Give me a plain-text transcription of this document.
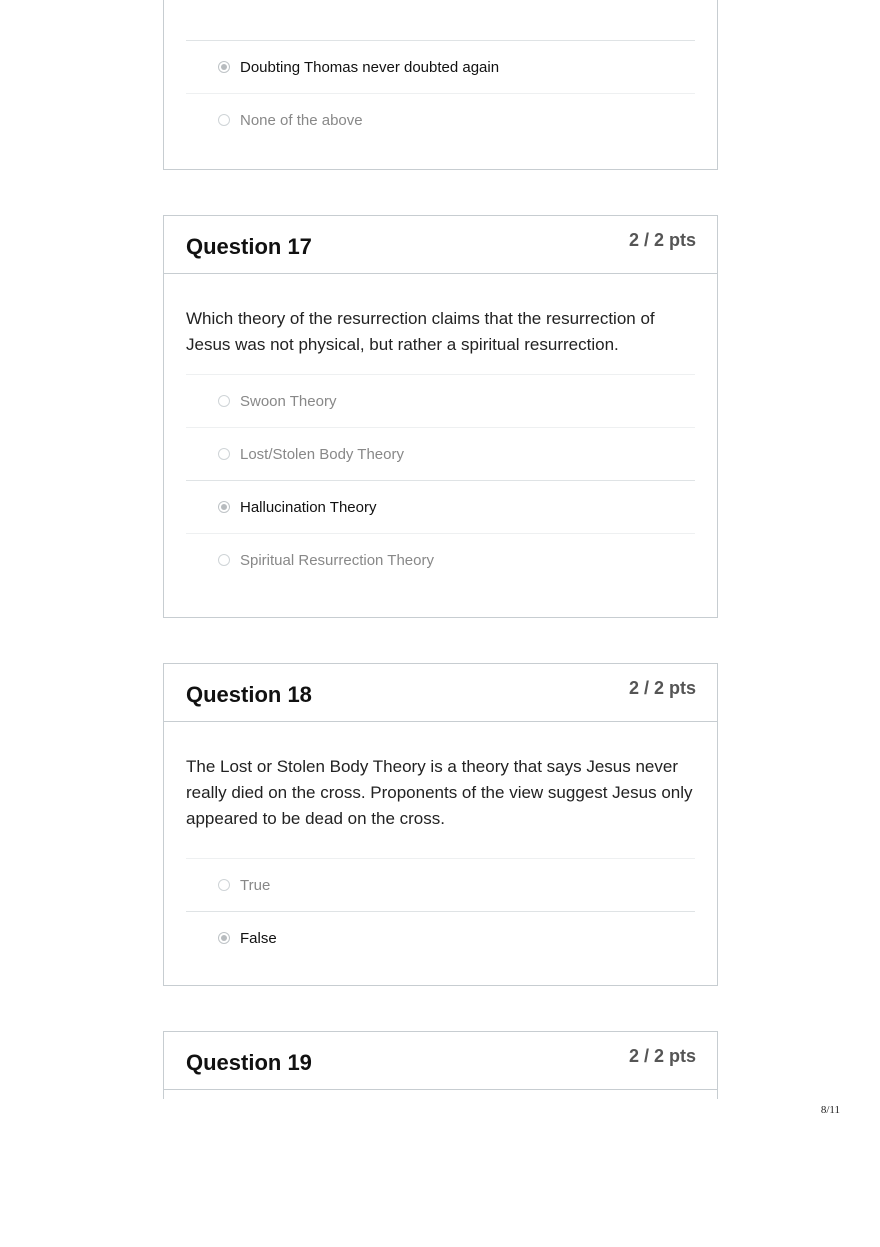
Doubting Thomas never doubted again
None of the above
Question 17	2 / 2 pts
Which theory of the resurrection claims that the resurrection of Jesus was not physical, but rather a spiritual resurrection.
Swoon Theory
Lost/Stolen Body Theory
Hallucination Theory
Spiritual Resurrection Theory
Question 18	2 / 2 pts
The Lost or Stolen Body Theory is a theory that says Jesus never really died on the cross. Proponents of the view suggest Jesus only appeared to be dead on the cross.
True
False
Question 19	2 / 2 pts
8/11
